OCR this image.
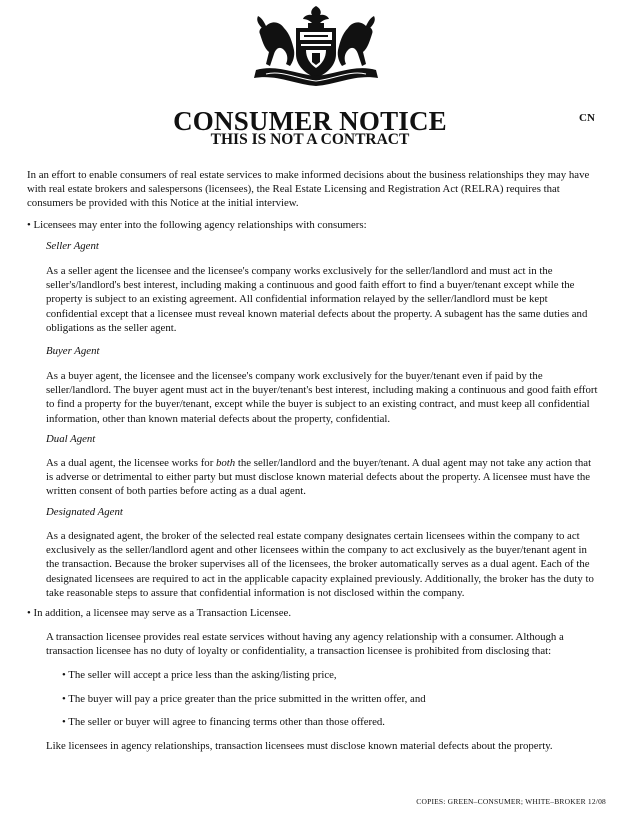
CONSUMER NOTICE
THIS IS NOT A CONTRACT
CN

In an effort to enable consumers of real estate services to make informed decisions about the business relationships they may have with real estate brokers and salespersons (licensees), the Real Estate Licensing and Registration Act (RELRA) requires that consumers be provided with this Notice at the initial interview.

• Licensees may enter into the following agency relationships with consumers:

Seller Agent

As a seller agent the licensee and the licensee's company works exclusively for the seller/landlord and must act in the seller's/landlord's best interest, including making a continuous and good faith effort to find a buyer/tenant except while the property is subject to an existing agreement. All confidential information relayed by the seller/landlord must be kept confidential except that a licensee must reveal known material defects about the property. A subagent has the same duties and obligations as the seller agent.

Buyer Agent

As a buyer agent, the licensee and the licensee's company work exclusively for the buyer/tenant even if paid by the seller/landlord. The buyer agent must act in the buyer/tenant's best interest, including making a continuous and good faith effort to find a property for the buyer/tenant, except while the buyer is subject to an existing contract, and must keep all confidential information, other than known material defects about the property, confidential.

Dual Agent

As a dual agent, the licensee works for both the seller/landlord and the buyer/tenant. A dual agent may not take any action that is adverse or detrimental to either party but must disclose known material defects about the property. A licensee must have the written consent of both parties before acting as a dual agent.

Designated Agent

As a designated agent, the broker of the selected real estate company designates certain licensees within the company to act exclusively as the seller/landlord agent and other licensees within the company to act exclusively as the buyer/tenant agent in the transaction. Because the broker supervises all of the licensees, the broker automatically serves as a dual agent. Each of the designated licensees are required to act in the applicable capacity explained previously. Additionally, the broker has the duty to take reasonable steps to assure that confidential information is not disclosed within the company.

• In addition, a licensee may serve as a Transaction Licensee.

A transaction licensee provides real estate services without having any agency relationship with a consumer. Although a transaction licensee has no duty of loyalty or confidentiality, a transaction licensee is prohibited from disclosing that:

• The seller will accept a price less than the asking/listing price,

• The buyer will pay a price greater than the price submitted in the written offer, and

• The seller or buyer will agree to financing terms other than those offered.

Like licensees in agency relationships, transaction licensees must disclose known material defects about the property.

COPIES: GREEN–CONSUMER; WHITE–BROKER 12/08
